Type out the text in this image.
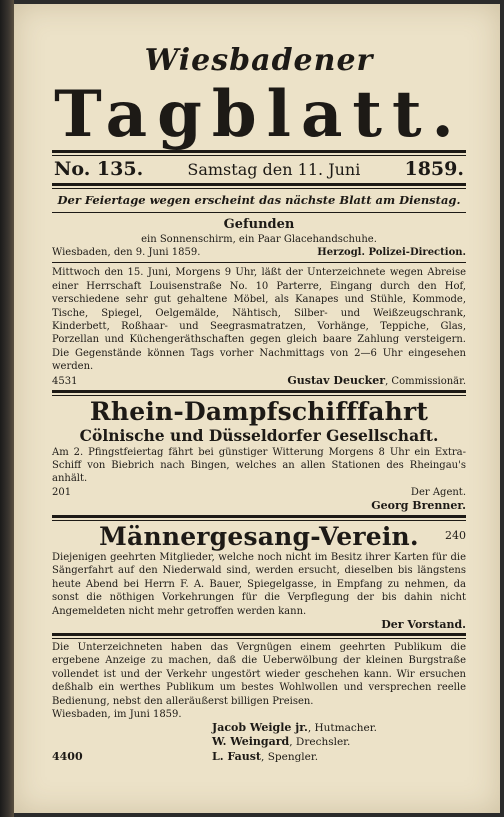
Wiesbadener
Tagblatt.
No. 135.	Samstag den 11. Juni 1859.
Der Feiertage wegen erscheint das nächste Blatt am Dienstag.
Gefunden
ein Sonnenschirm, ein Paar Glacehandschuhe.
Wiesbaden, den 9. Juni 1859.	Herzogl. Polizei-Direction.
Mittwoch den 15. Juni, Morgens 9 Uhr, läßt der Unterzeichnete wegen Abreise einer Herrschaft Louisenstraße No. 10 Parterre, Eingang durch den Hof, verschiedene sehr gut gehaltene Möbel, als Kanapes und Stühle, Kommode, Tische, Spiegel, Oelgemälde, Nähtisch, Silber- und Weißzeugschrank, Kinderbett, Roßhaar- und Seegrasmatratzen, Vorhänge, Teppiche, Glas, Porzellan und Küchengeräthschaften gegen gleich baare Zahlung versteigern. Die Gegenstände können Tags vorher Nachmittags von 2—6 Uhr eingesehen werden.
4531	Gustav Deucker, Commissionär.
Rhein-Dampfschifffahrt
Cölnische und Düsseldorfer Gesellschaft.
Am 2. Pfingstfeiertag fährt bei günstiger Witterung Morgens 8 Uhr ein Extra-Schiff von Biebrich nach Bingen, welches an allen Stationen des Rheingau's anhält.
201	Der Agent.
Georg Brenner.
Männergesang-Verein.	240
Diejenigen geehrten Mitglieder, welche noch nicht im Besitz ihrer Karten für die Sängerfahrt auf den Niederwald sind, werden ersucht, dieselben bis längstens heute Abend bei Herrn F. A. Bauer, Spiegelgasse, in Empfang zu nehmen, da sonst die nöthigen Vorkehrungen für die Verpflegung der bis dahin nicht Angemeldeten nicht mehr getroffen werden kann.
Der Vorstand.
Die Unterzeichneten haben das Vergnügen einem geehrten Publikum die ergebene Anzeige zu machen, daß die Ueberwölbung der kleinen Burgstraße vollendet ist und der Verkehr ungestört wieder geschehen kann. Wir ersuchen deßhalb ein werthes Publikum um bestes Wohlwollen und versprechen reelle Bedienung, nebst den alleräußerst billigen Preisen.
Wiesbaden, im Juni 1859.
Jacob Weigle jr., Hutmacher.
W. Weingard, Drechsler.
4400	L. Faust, Spengler.
